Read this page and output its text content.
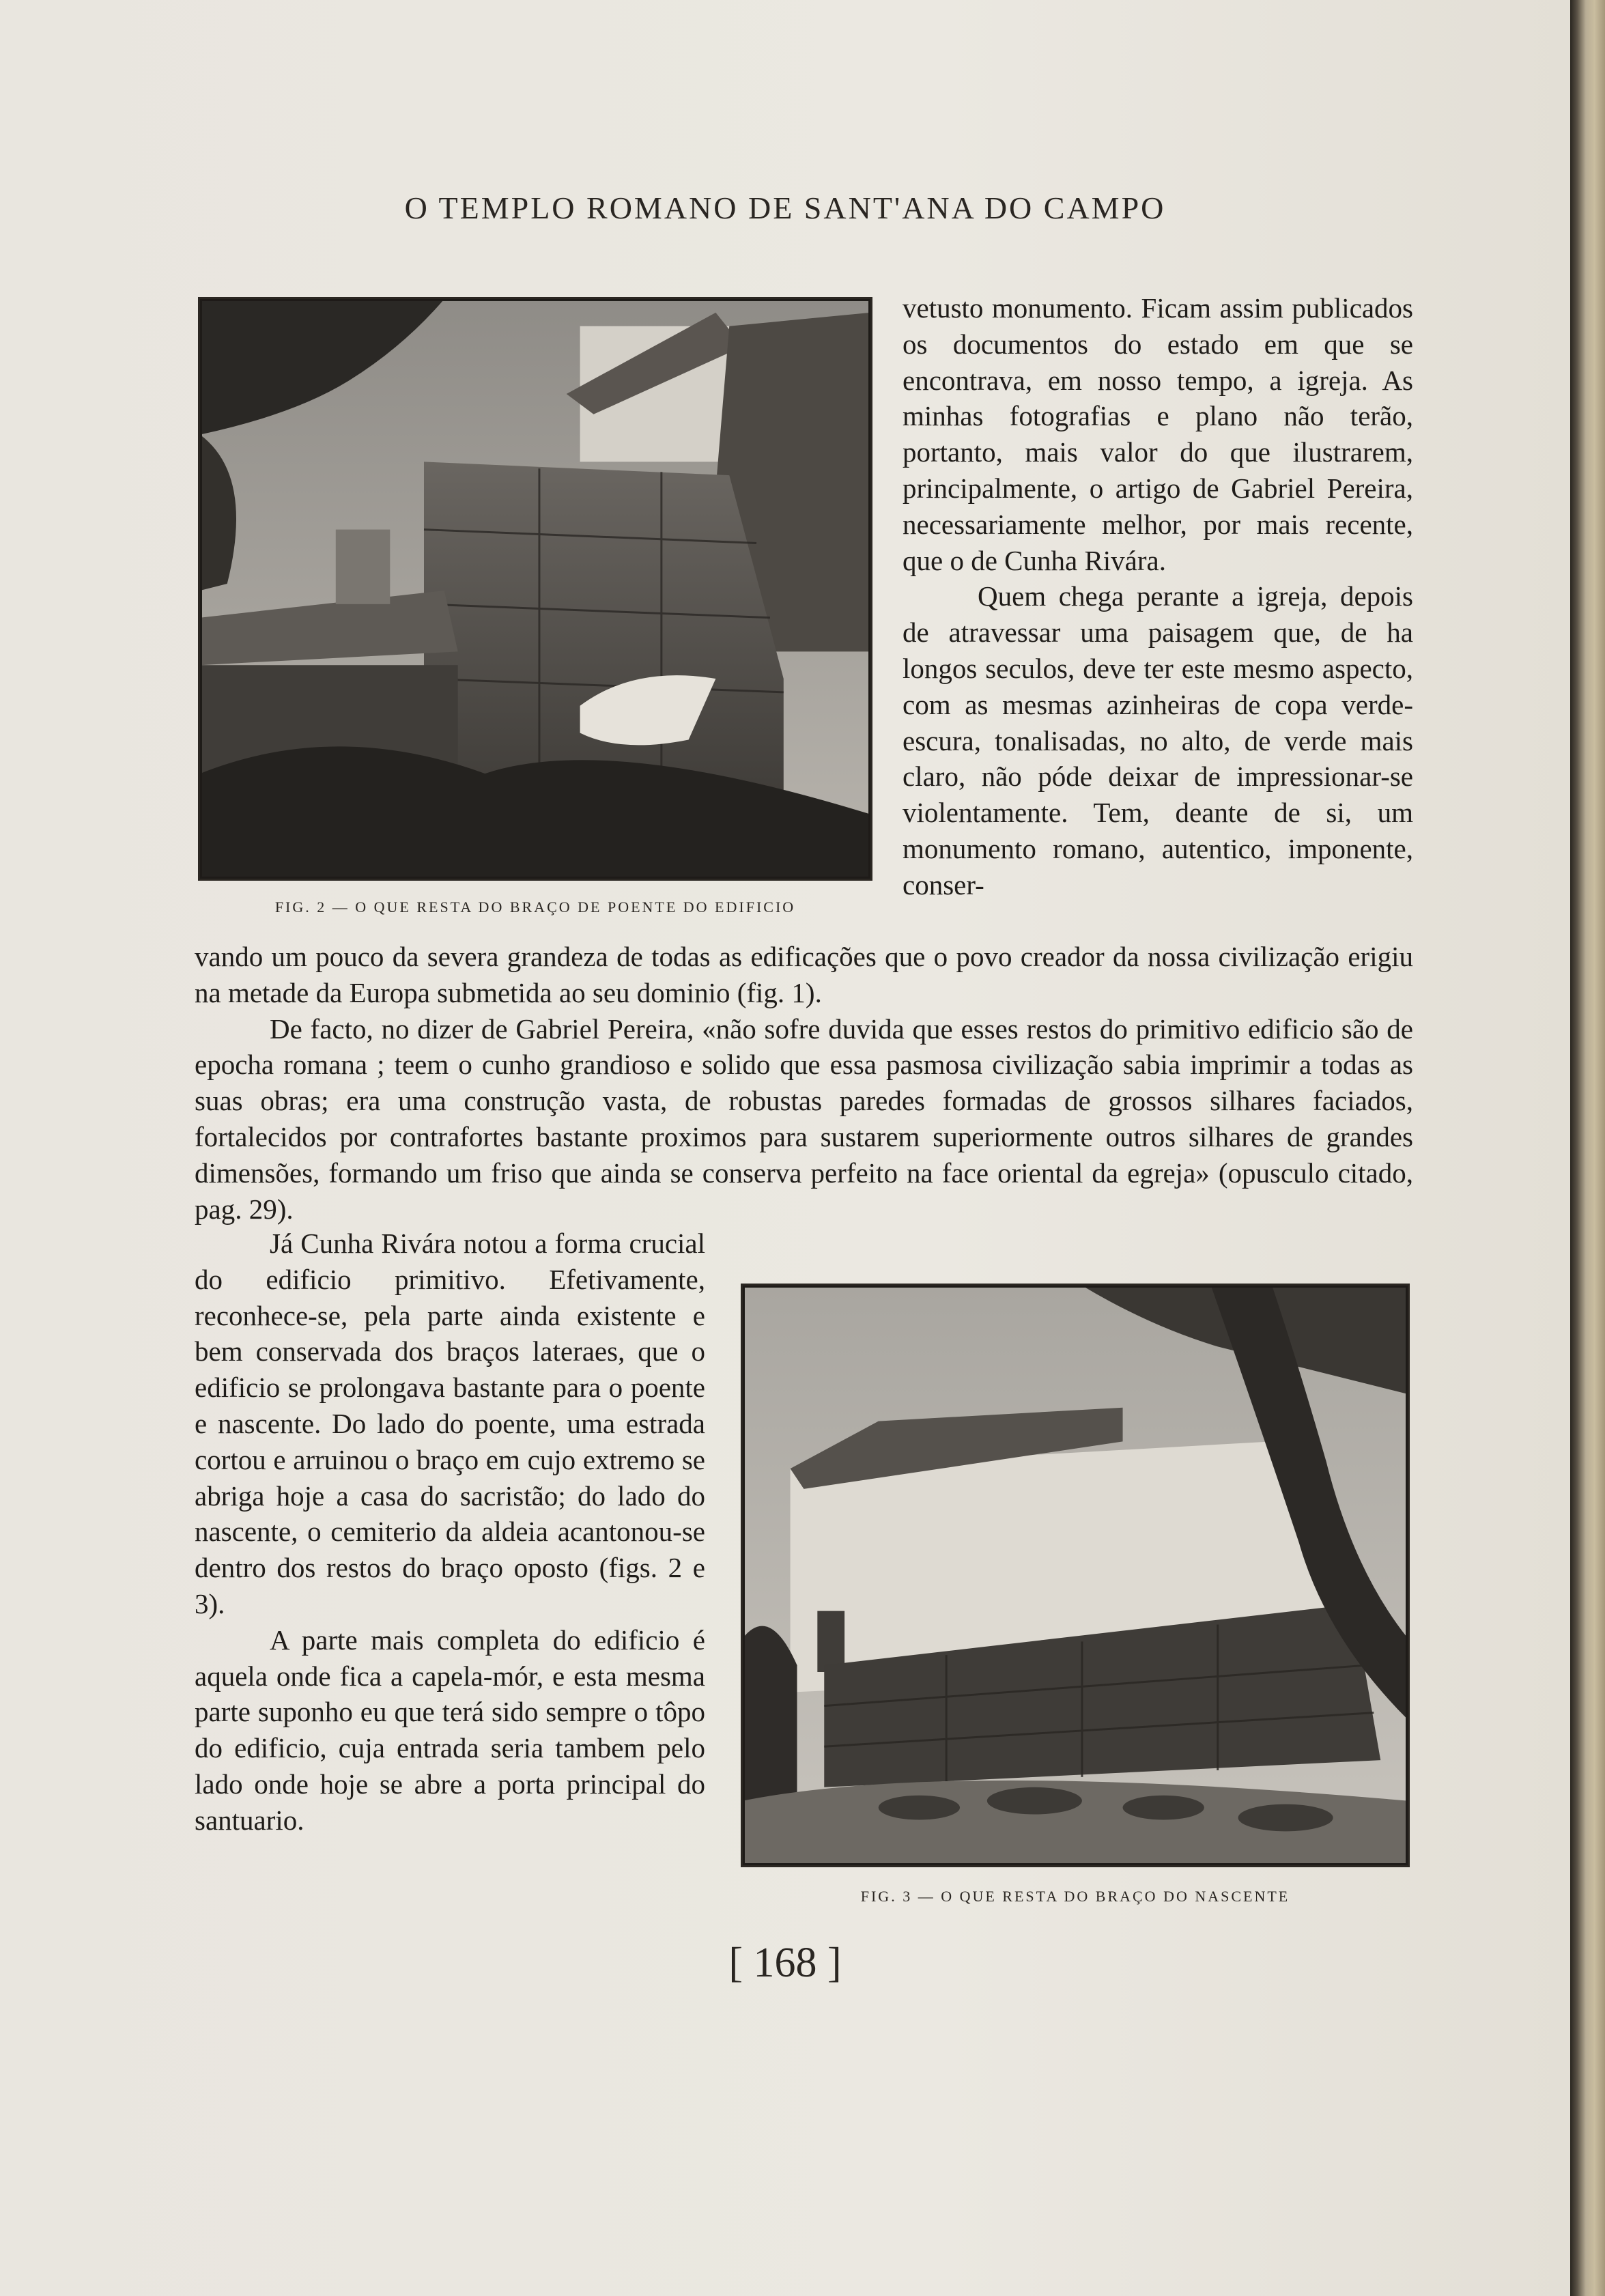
O TEMPLO ROMANO DE SANT'ANA DO CAMPO
FIG. 2 — O QUE RESTA DO BRAÇO DE POENTE DO EDIFICIO

vetusto monumento. Ficam assim publicados os documentos do estado em que se encontrava, em nosso tempo, a igreja. As minhas fotografias e plano não terão, portanto, mais valor do que ilustrarem, principalmente, o artigo de Gabriel Pereira, necessariamente melhor, por mais recente, que o de Cunha Rivára.

Quem chega perante a igreja, depois de atravessar uma paisagem que, de ha longos seculos, deve ter este mesmo aspecto, com as mesmas azinheiras de copa verde-escura, tonalisadas, no alto, de verde mais claro, não póde deixar de impressionar-se violentamente. Tem, deante de si, um monumento romano, autentico, imponente, conser-

vando um pouco da severa grandeza de todas as edificações que o povo creador da nossa civilização erigiu na metade da Europa submetida ao seu dominio (fig. 1).

De facto, no dizer de Gabriel Pereira, «não sofre duvida que esses restos do primitivo edificio são de epocha romana ; teem o cunho grandioso e solido que essa pasmosa civilização sabia imprimir a todas as suas obras; era uma construção vasta, de robustas paredes formadas de grossos silhares faciados, fortalecidos por contrafortes bastante proximos para sustarem superiormente outros silhares de grandes dimensões, formando um friso que ainda se conserva perfeito na face oriental da egreja» (opusculo citado, pag. 29).

Já Cunha Rivára notou a forma crucial do edificio primitivo. Efetivamente, reconhece-se, pela parte ainda existente e bem conservada dos braços lateraes, que o edificio se prolongava bastante para o poente e nascente. Do lado do poente, uma estrada cortou e arruinou o braço em cujo extremo se abriga hoje a casa do sacristão; do lado do nascente, o cemiterio da aldeia acantonou-se dentro dos restos do braço oposto (figs. 2 e 3).

A parte mais completa do edificio é aquela onde fica a capela-mór, e esta mesma parte suponho eu que terá sido sempre o tôpo do edificio, cuja entrada seria tambem pelo lado onde hoje se abre a porta principal do santuario.

FIG. 3 — O QUE RESTA DO BRAÇO DO NASCENTE
[ 168 ]
